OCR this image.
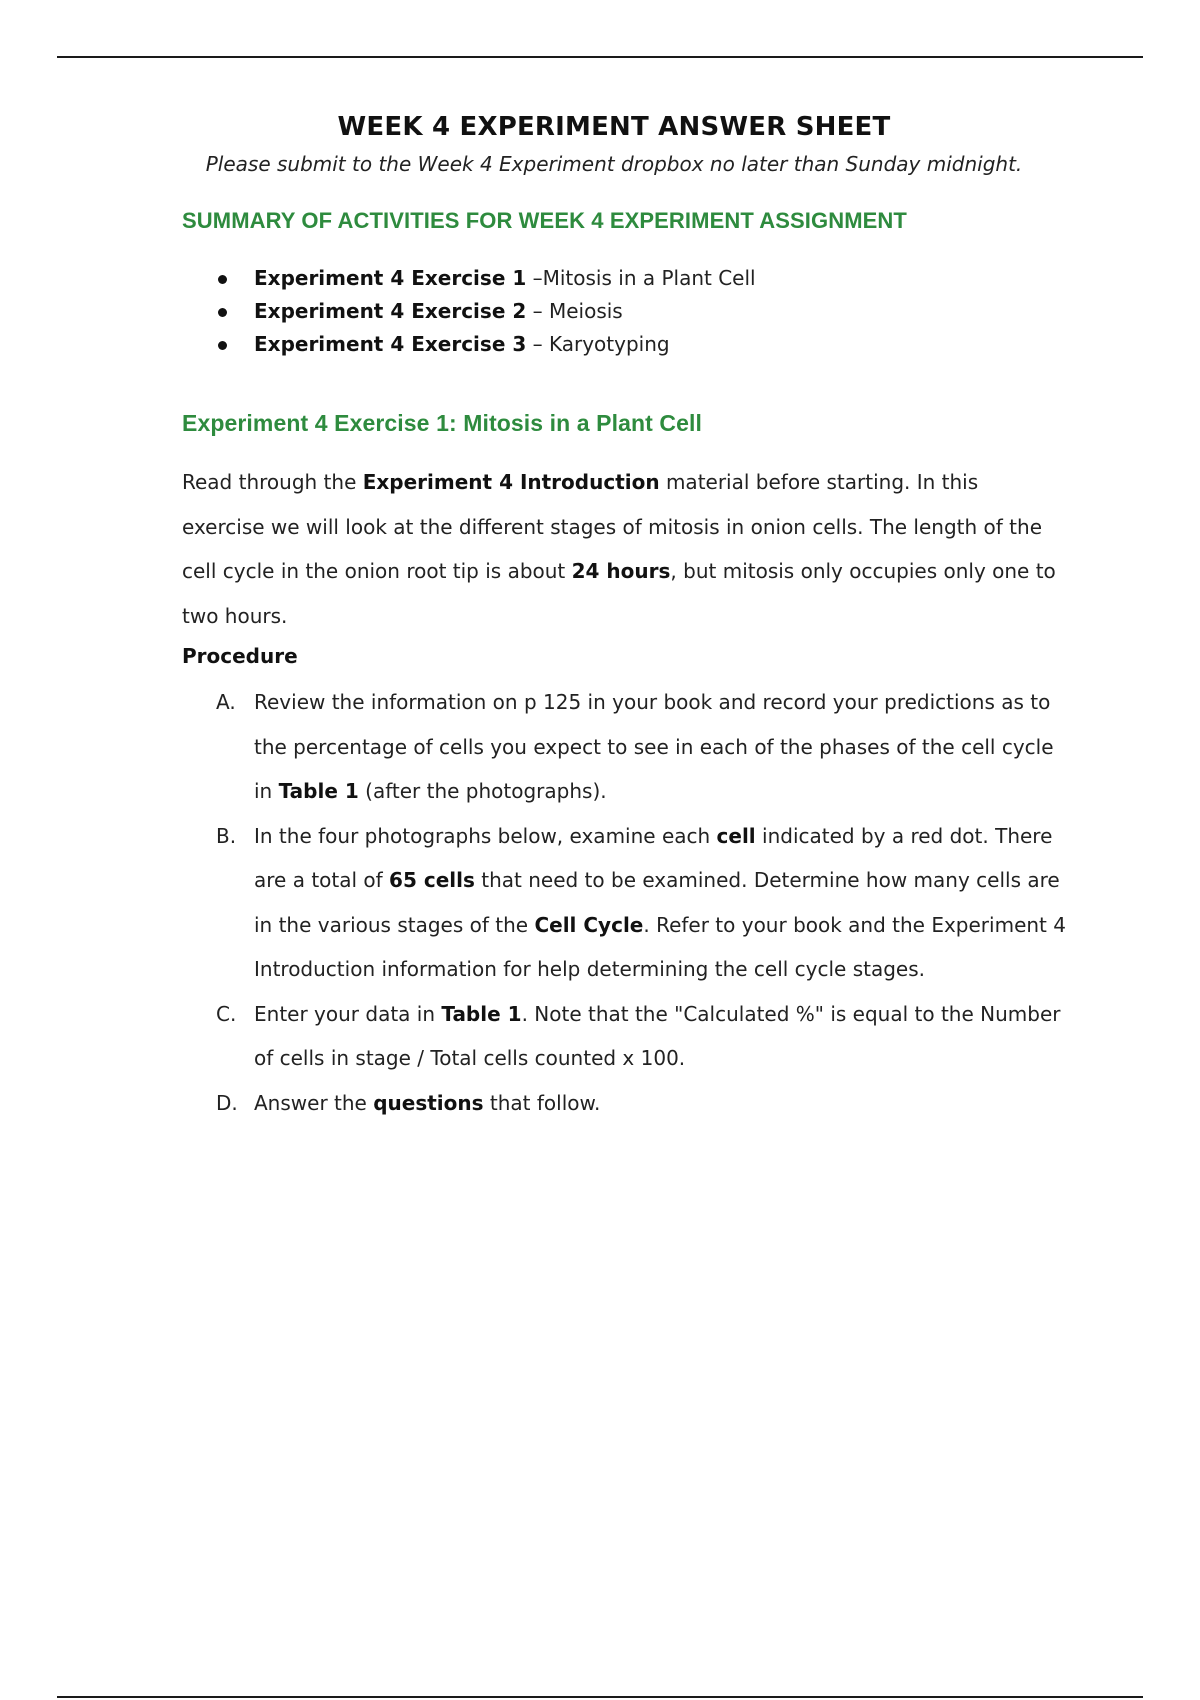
WEEK 4 EXPERIMENT ANSWER SHEET
Please submit to the Week 4 Experiment dropbox no later than Sunday midnight.
SUMMARY OF ACTIVITIES FOR WEEK 4 EXPERIMENT ASSIGNMENT
Experiment 4 Exercise 1 –Mitosis in a Plant Cell
Experiment 4 Exercise 2 – Meiosis
Experiment 4 Exercise 3 – Karyotyping
Experiment 4 Exercise 1: Mitosis in a Plant Cell

Read through the Experiment 4 Introduction material before starting. In this exercise we will look at the different stages of mitosis in onion cells. The length of the cell cycle in the onion root tip is about 24 hours, but mitosis only occupies only one to two hours.

Procedure
A. Review the information on p 125 in your book and record your predictions as to the percentage of cells you expect to see in each of the phases of the cell cycle in Table 1 (after the photographs).
B. In the four photographs below, examine each cell indicated by a red dot. There are a total of 65 cells that need to be examined. Determine how many cells are in the various stages of the Cell Cycle. Refer to your book and the Experiment 4 Introduction information for help determining the cell cycle stages.
C. Enter your data in Table 1. Note that the "Calculated %" is equal to the Number of cells in stage / Total cells counted x 100.
D. Answer the questions that follow.
